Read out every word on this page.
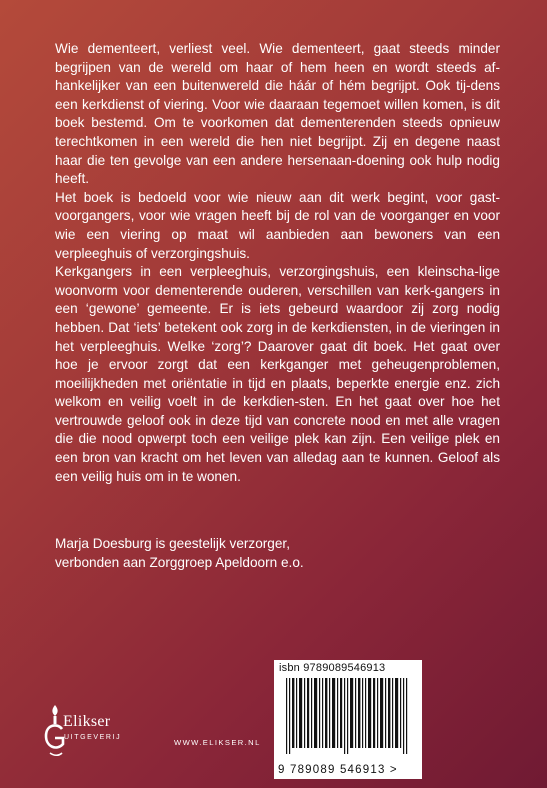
Wie dementeert, verliest veel. Wie dementeert, gaat steeds minder begrijpen van de wereld om haar of hem heen en wordt steeds af-hankelijker van een buitenwereld die háár of hém begrijpt. Ook tij-dens een kerkdienst of viering. Voor wie daaraan tegemoet willen komen, is dit boek bestemd. Om te voorkomen dat dementerenden steeds opnieuw terechtkomen in een wereld die hen niet begrijpt. Zij en degene naast haar die ten gevolge van een andere hersenaan-doening ook hulp nodig heeft.

Het boek is bedoeld voor wie nieuw aan dit werk begint, voor gast-voorgangers, voor wie vragen heeft bij de rol van de voorganger en voor wie een viering op maat wil aanbieden aan bewoners van een verpleeghuis of verzorgingshuis.

Kerkgangers in een verpleeghuis, verzorgingshuis, een kleinscha-lige woonvorm voor dementerende ouderen, verschillen van kerk-gangers in een ‘gewone’ gemeente. Er is iets gebeurd waardoor zij zorg nodig hebben. Dat ‘iets’ betekent ook zorg in de kerkdiensten, in de vieringen in het verpleeghuis. Welke ‘zorg’? Daarover gaat dit boek. Het gaat over hoe je ervoor zorgt dat een kerkganger met geheugenproblemen, moeilijkheden met oriëntatie in tijd en plaats, beperkte energie enz. zich welkom en veilig voelt in de kerkdien-sten. En het gaat over hoe het vertrouwde geloof ook in deze tijd van concrete nood en met alle vragen die die nood opwerpt toch een veilige plek kan zijn. Een veilige plek en een bron van kracht om het leven van alledag aan te kunnen. Geloof als een veilig huis om in te wonen.

Marja Doesburg is geestelijk verzorger,

verbonden aan Zorggroep Apeldoorn e.o.

Elikser
UITGEVERIJ
WWW.ELIKSER.NL
isbn 9789089546913
9 789089 546913 >
